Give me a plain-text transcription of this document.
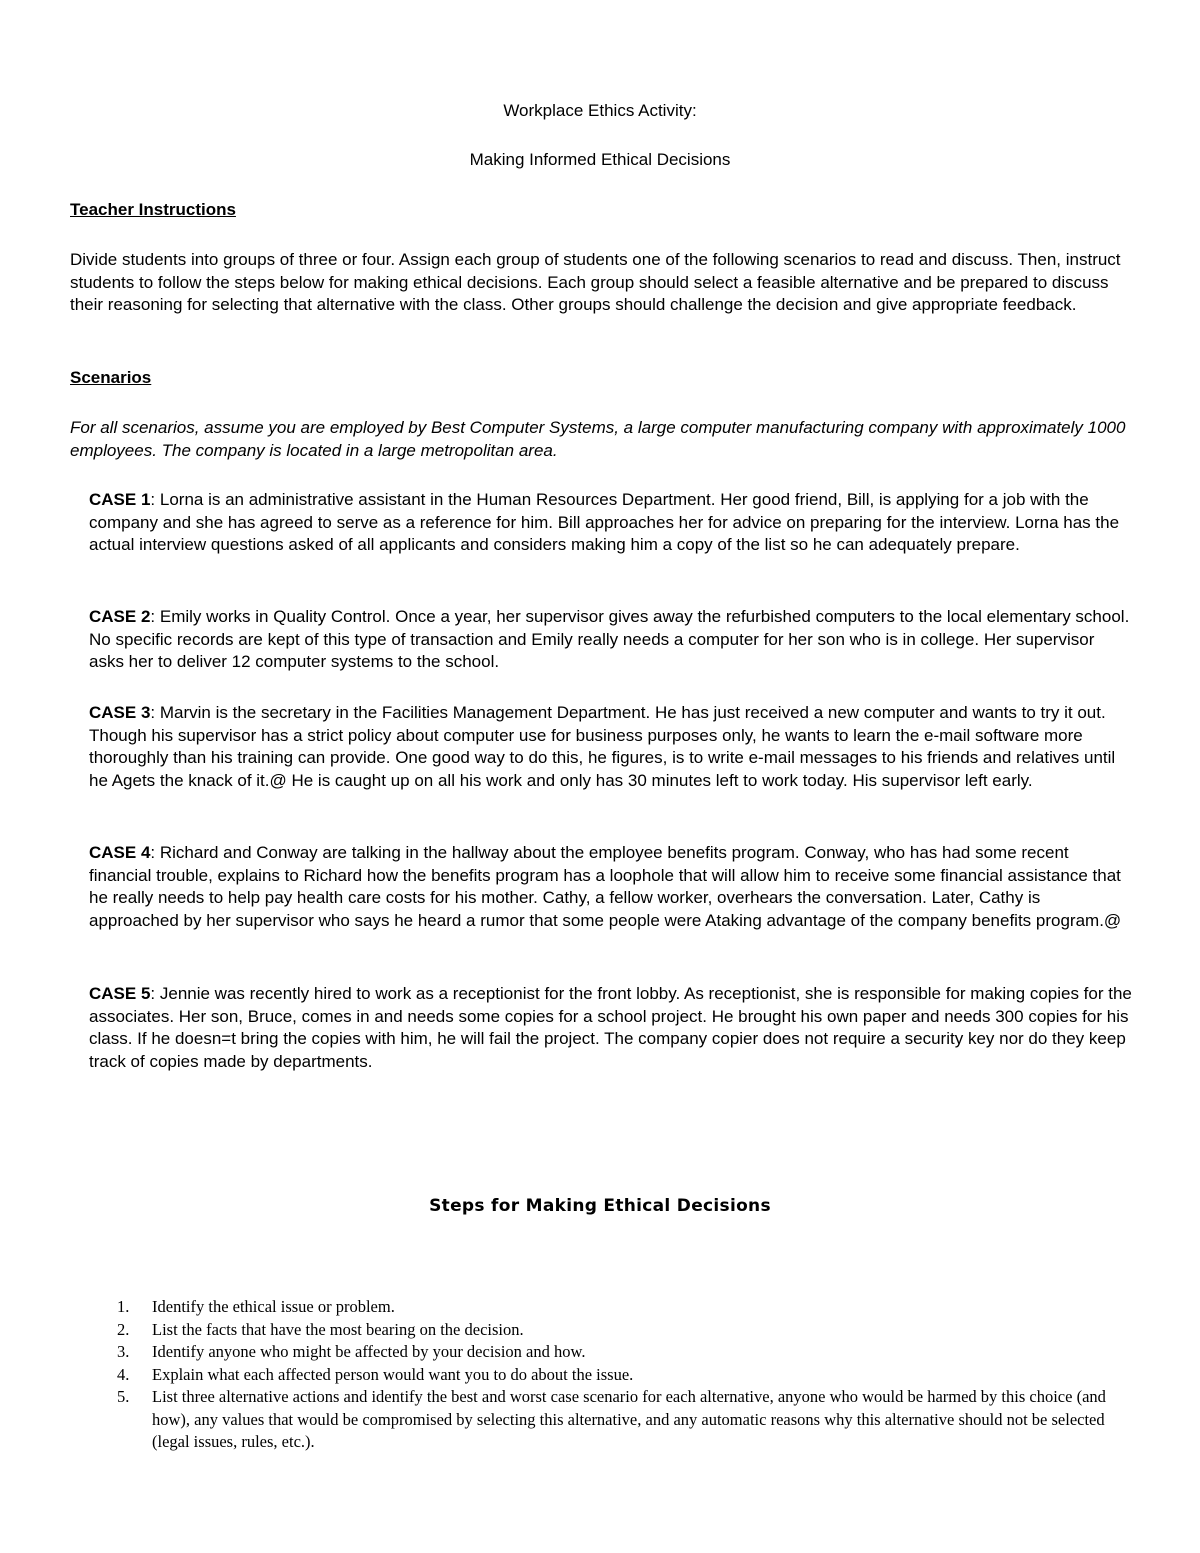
Workplace Ethics Activity:
Making Informed Ethical Decisions
Teacher Instructions

Divide students into groups of three or four. Assign each group of students one of the following scenarios to read and discuss. Then, instruct students to follow the steps below for making ethical decisions. Each group should select a feasible alternative and be prepared to discuss their reasoning for selecting that alternative with the class. Other groups should challenge the decision and give appropriate feedback.

Scenarios

For all scenarios, assume you are employed by Best Computer Systems, a large computer manufacturing company with approximately 1000 employees. The company is located in a large metropolitan area.

CASE 1: Lorna is an administrative assistant in the Human Resources Department. Her good friend, Bill, is applying for a job with the company and she has agreed to serve as a reference for him. Bill approaches her for advice on preparing for the interview. Lorna has the actual interview questions asked of all applicants and considers making him a copy of the list so he can adequately prepare.

CASE 2: Emily works in Quality Control. Once a year, her supervisor gives away the refurbished computers to the local elementary school. No specific records are kept of this type of transaction and Emily really needs a computer for her son who is in college. Her supervisor asks her to deliver 12 computer systems to the school.

CASE 3: Marvin is the secretary in the Facilities Management Department. He has just received a new computer and wants to try it out. Though his supervisor has a strict policy about computer use for business purposes only, he wants to learn the e-mail software more thoroughly than his training can provide. One good way to do this, he figures, is to write e-mail messages to his friends and relatives until he Agets the knack of it.@ He is caught up on all his work and only has 30 minutes left to work today. His supervisor left early.

CASE 4: Richard and Conway are talking in the hallway about the employee benefits program. Conway, who has had some recent financial trouble, explains to Richard how the benefits program has a loophole that will allow him to receive some financial assistance that he really needs to help pay health care costs for his mother. Cathy, a fellow worker, overhears the conversation. Later, Cathy is approached by her supervisor who says he heard a rumor that some people were Ataking advantage of the company benefits program.@

CASE 5: Jennie was recently hired to work as a receptionist for the front lobby. As receptionist, she is responsible for making copies for the associates. Her son, Bruce, comes in and needs some copies for a school project. He brought his own paper and needs 300 copies for his class. If he doesn=t bring the copies with him, he will fail the project. The company copier does not require a security key nor do they keep track of copies made by departments.

Steps for Making Ethical Decisions
1. Identify the ethical issue or problem.
2. List the facts that have the most bearing on the decision.
3. Identify anyone who might be affected by your decision and how.
4. Explain what each affected person would want you to do about the issue.
5. List three alternative actions and identify the best and worst case scenario for each alternative, anyone who would be harmed by this choice (and how), any values that would be compromised by selecting this alternative, and any automatic reasons why this alternative should not be selected (legal issues, rules, etc.).
